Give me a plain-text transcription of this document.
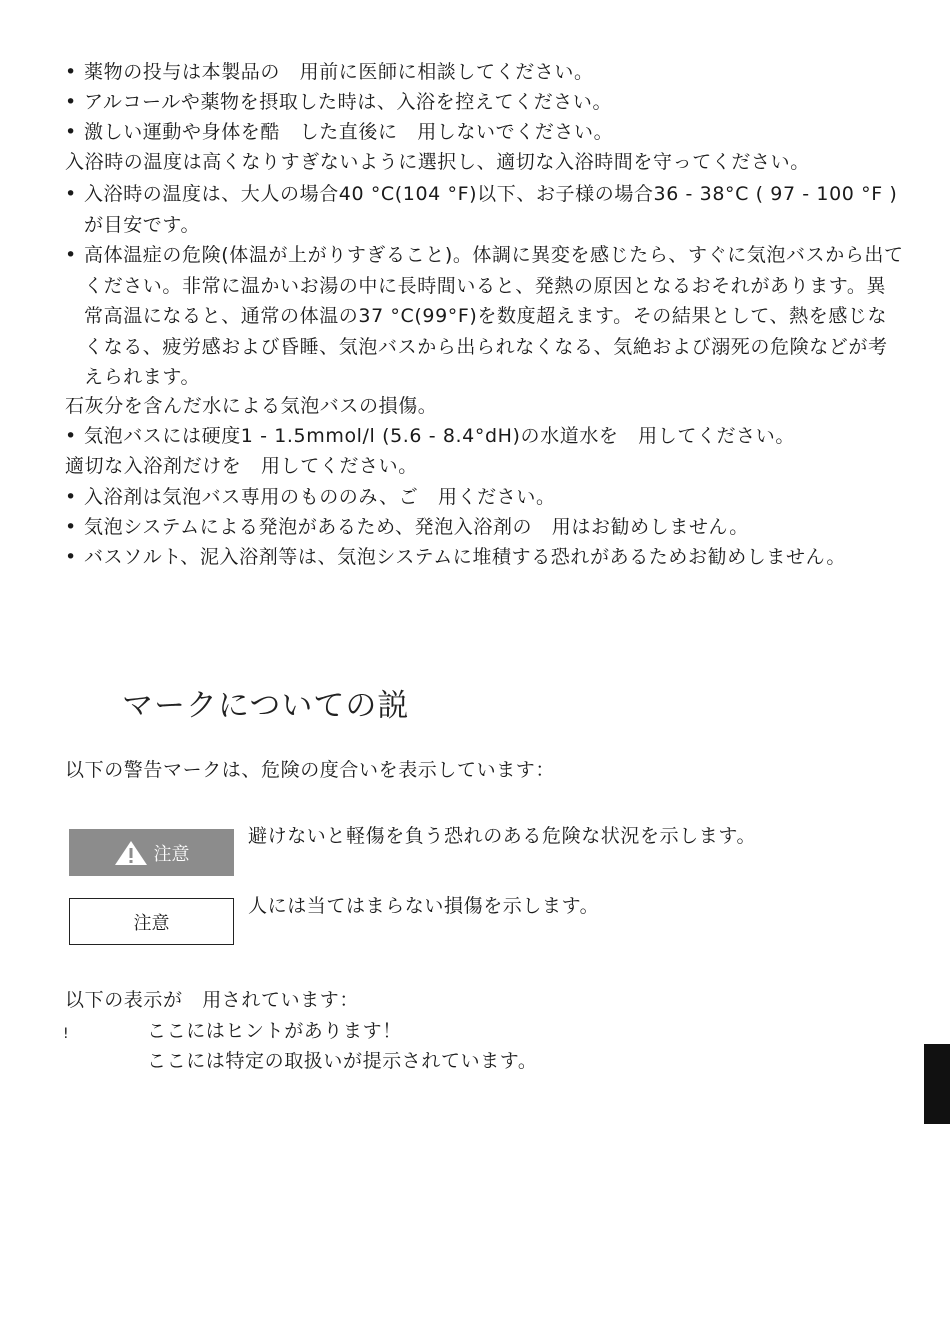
• 薬物の投与は本製品の　用前に医師に相談してください。
• アルコールや薬物を摂取した時は、入浴を控えてください。
• 激しい運動や身体を酷　した直後に　用しないでください。
入浴時の温度は高くなりすぎないように選択し、適切な入浴時間を守ってください。
• 入浴時の温度は、大人の場合40 °C(104 °F)以下、お子様の場合36 - 38°C ( 97 - 100 °F ) が目安です。
• 高体温症の危険(体温が上がりすぎること)。体調に異変を感じたら、すぐに気泡バスから出てください。非常に温かいお湯の中に長時間いると、発熱の原因となるおそれがあります。異常高温になると、通常の体温の37 °C(99°F)を数度超えます。その結果として、熱を感じなくなる、疲労感および昏睡、気泡バスから出られなくなる、気絶および溺死の危険などが考えられます。
石灰分を含んだ水による気泡バスの損傷。
• 気泡バスには硬度1 - 1.5mmol/l (5.6 - 8.4°dH)の水道水を　用してください。
適切な入浴剤だけを　用してください。
• 入浴剤は気泡バス専用のもののみ、ご　用ください。
• 気泡システムによる発泡があるため、発泡入浴剤の　用はお勧めしません。
• バスソルト、泥入浴剤等は、気泡システムに堆積する恐れがあるためお勧めしません。
マークについての説
以下の警告マークは、危険の度合いを表示しています：
注意
避けないと軽傷を負う恐れのある危険な状況を示します。
注意
人には当てはまらない損傷を示します。
以下の表示が　用されています：
!	ここにはヒントがあります！
ここには特定の取扱いが提示されています。
